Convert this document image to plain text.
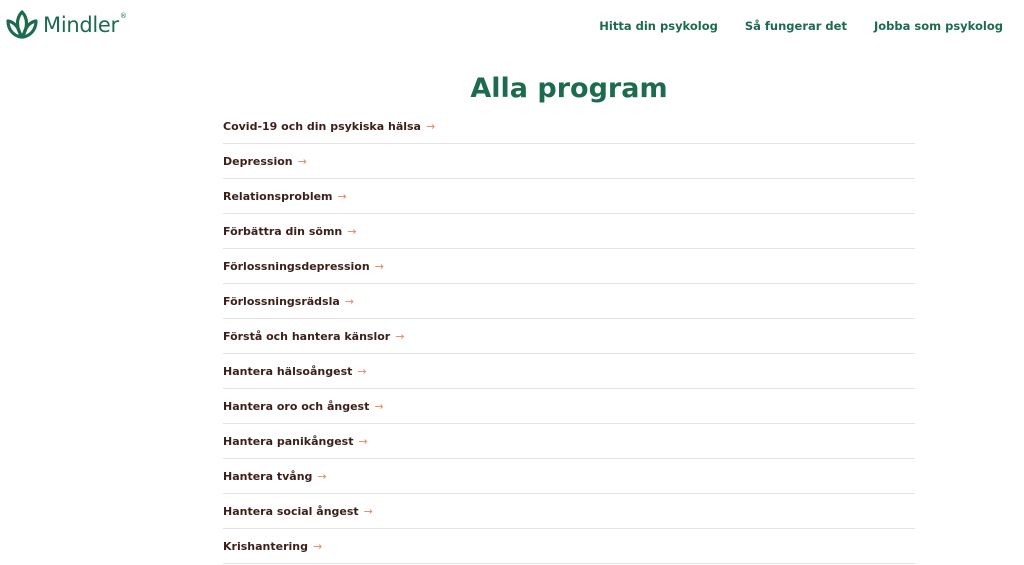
Mindler ®
Hitta din psykolog Så fungerar det Jobba som psykolog
Alla program
Covid-19 och din psykiska hälsa →
Depression →
Relationsproblem →
Förbättra din sömn →
Förlossningsdepression →
Förlossningsrädsla →
Förstå och hantera känslor →
Hantera hälsoångest →
Hantera oro och ångest →
Hantera panikångest →
Hantera tvång →
Hantera social ångest →
Krishantering →
